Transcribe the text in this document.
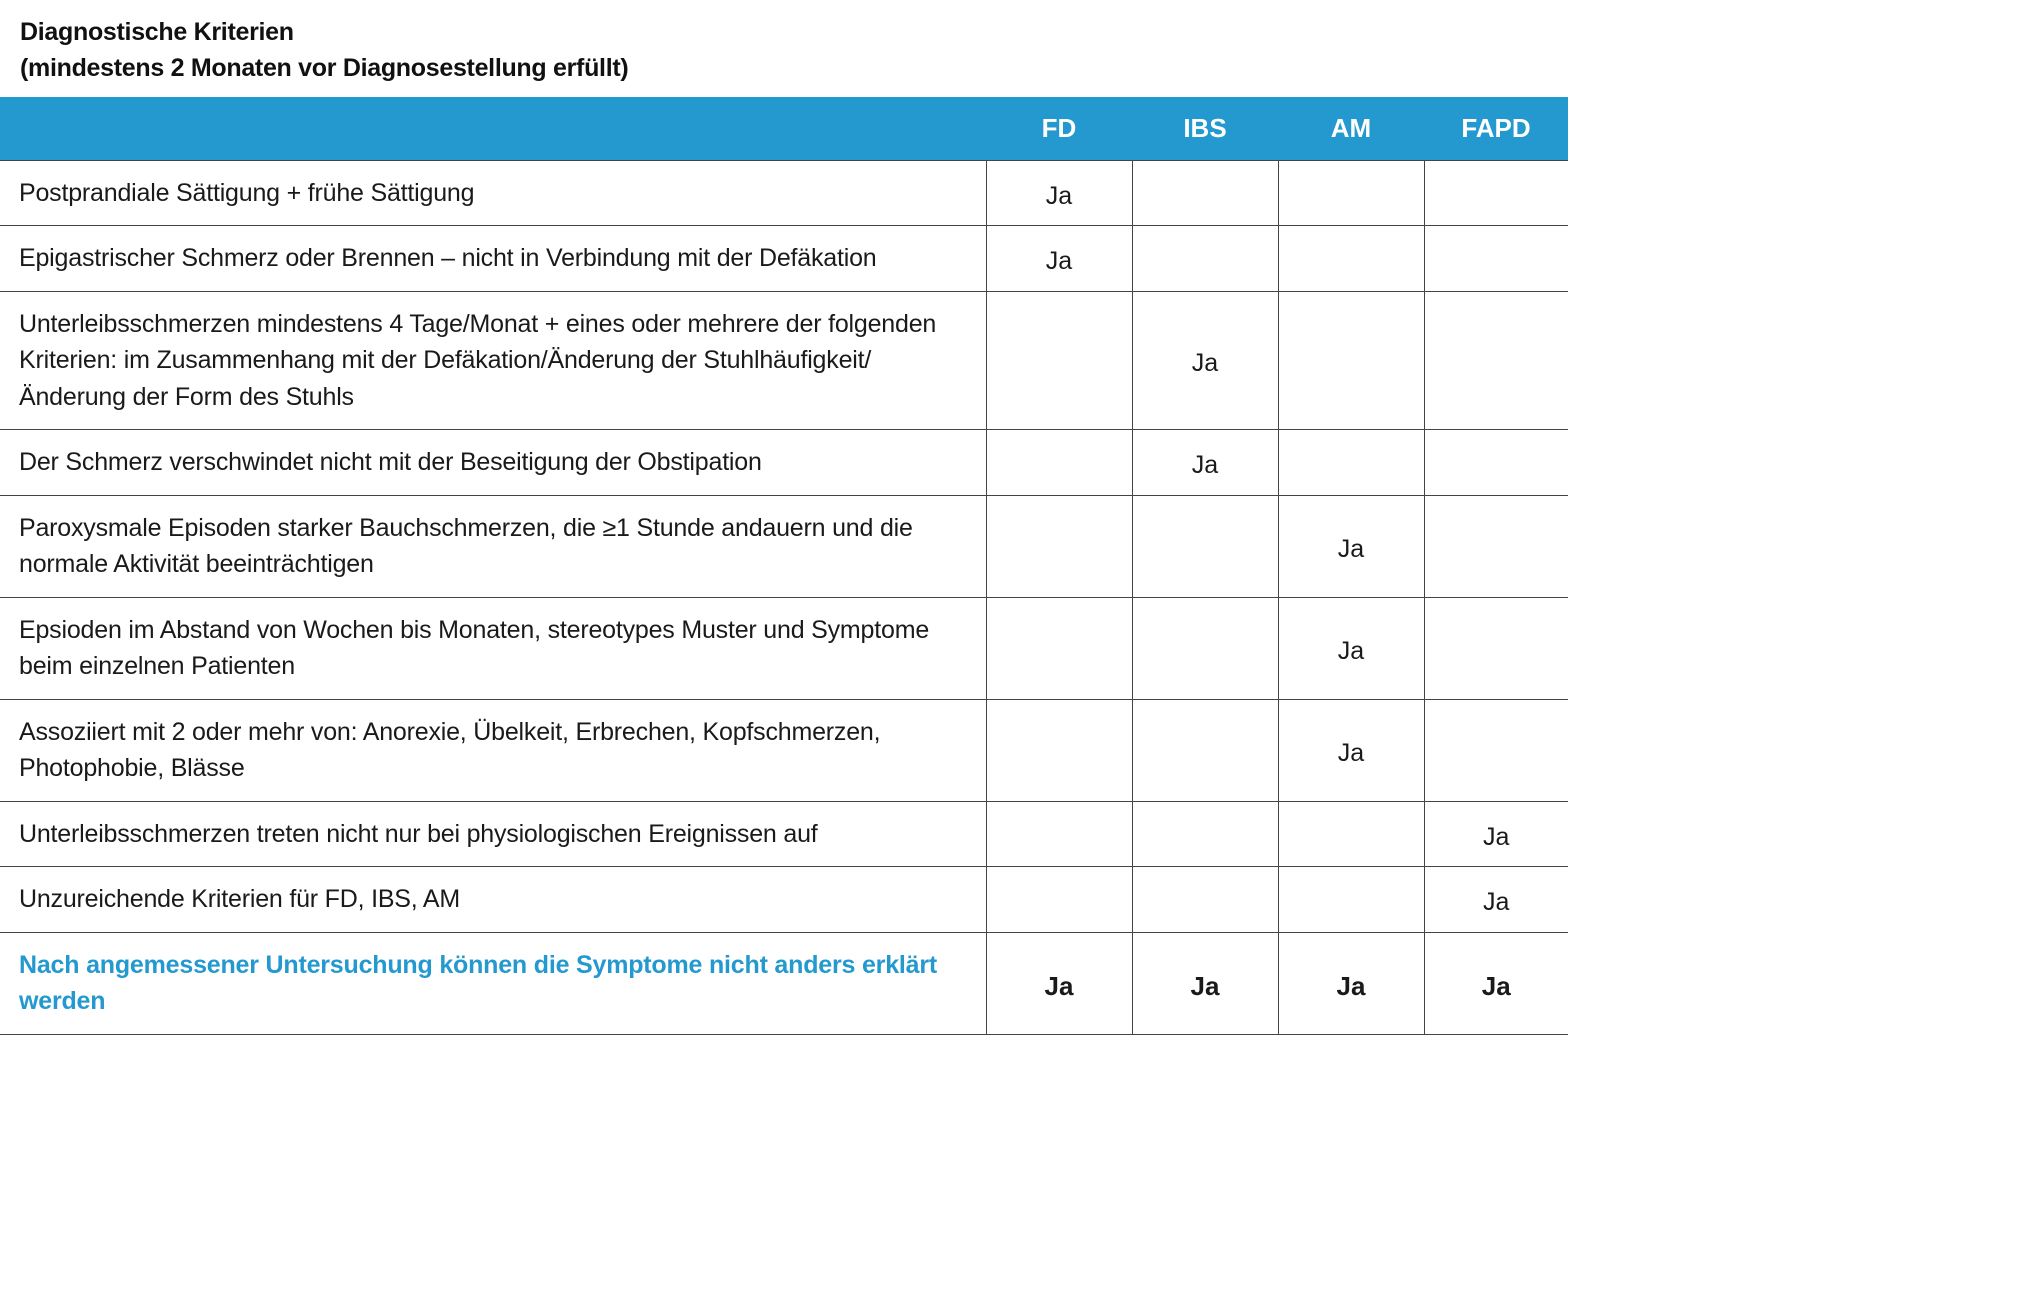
Diagnostische Kriterien
(mindestens 2 Monaten vor Diagnosestellung erfüllt)
	FD	IBS	AM	FAPD
Postprandiale Sättigung + frühe Sättigung	Ja			
Epigastrischer Schmerz oder Brennen – nicht in Verbindung mit der Defäkation	Ja			
Unterleibsschmerzen mindestens 4 Tage/Monat + eines oder mehrere der folgenden Kriterien: im Zusammenhang mit der Defäkation/Änderung der Stuhlhäufigkeit/Änderung der Form des Stuhls		Ja		
Der Schmerz verschwindet nicht mit der Beseitigung der Obstipation		Ja		
Paroxysmale Episoden starker Bauchschmerzen, die ≥1 Stunde andauern und die normale Aktivität beeinträchtigen			Ja	
Epsioden im Abstand von Wochen bis Monaten, stereotypes Muster und Symptome beim einzelnen Patienten			Ja	
Assoziiert mit 2 oder mehr von: Anorexie, Übelkeit, Erbrechen, Kopfschmerzen, Photophobie, Blässe			Ja	
Unterleibsschmerzen treten nicht nur bei physiologischen Ereignissen auf				Ja
Unzureichende Kriterien für FD, IBS, AM				Ja
Nach angemessener Untersuchung können die Symptome nicht anders erklärt werden	Ja	Ja	Ja	Ja
